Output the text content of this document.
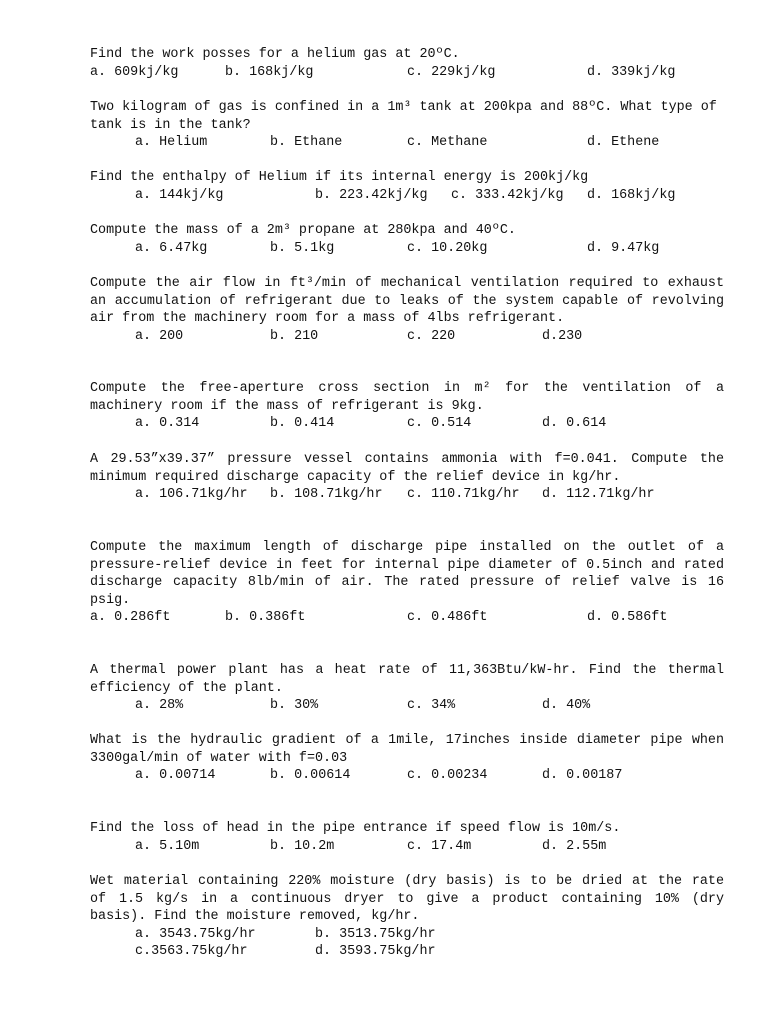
Find the work posses for a helium gas at 20ºC.
a. 609kj/kg	b. 168kj/kg	c. 229kj/kg	d. 339kj/kg
Two kilogram of gas is confined in a 1m³ tank at 200kpa and 88ºC. What type of tank is in the tank?
a. Helium	b. Ethane	c. Methane	d. Ethene
Find the enthalpy of Helium if its internal energy is 200kj/kg
a. 144kj/kg	b. 223.42kj/kg c. 333.42kj/kg d. 168kj/kg
Compute the mass of a 2m³ propane at 280kpa and 40ºC.
a. 6.47kg	b. 5.1kg	c. 10.20kg	d. 9.47kg
Compute the air flow in ft³/min of mechanical ventilation required to exhaust an accumulation of refrigerant due to leaks of the system capable of revolving air from the machinery room for a mass of 4lbs refrigerant.
a. 200	b. 210	c. 220	d.230
Compute the free-aperture cross section in m² for the ventilation of a machinery room if the mass of refrigerant is 9kg.
a. 0.314	b. 0.414	c. 0.514	d. 0.614
A 29.53”x39.37” pressure vessel contains ammonia with f=0.041. Compute the minimum required discharge capacity of the relief device in kg/hr.
a. 106.71kg/hr b. 108.71kg/hr c. 110.71kg/hr d. 112.71kg/hr
Compute the maximum length of discharge pipe installed on the outlet of a pressure-relief device in feet for internal pipe diameter of 0.5inch and rated discharge capacity 8lb/min of air. The rated pressure of relief valve is 16 psig.
a. 0.286ft	b. 0.386ft	c. 0.486ft	d. 0.586ft
A thermal power plant has a heat rate of 11,363Btu/kW-hr. Find the thermal efficiency of the plant.
a. 28%	b. 30%	c. 34%	d. 40%
What is the hydraulic gradient of a 1mile, 17inches inside diameter pipe when 3300gal/min of water with f=0.03
a. 0.00714	b. 0.00614	c. 0.00234	d. 0.00187
Find the loss of head in the pipe entrance if speed flow is 10m/s.
a. 5.10m	b. 10.2m	c. 17.4m	d. 2.55m
Wet material containing 220% moisture (dry basis) is to be dried at the rate of 1.5 kg/s in a continuous dryer to give a product containing 10% (dry basis). Find the moisture removed, kg/hr.
a. 3543.75kg/hr	b. 3513.75kg/hr
c.3563.75kg/hr	d. 3593.75kg/hr
